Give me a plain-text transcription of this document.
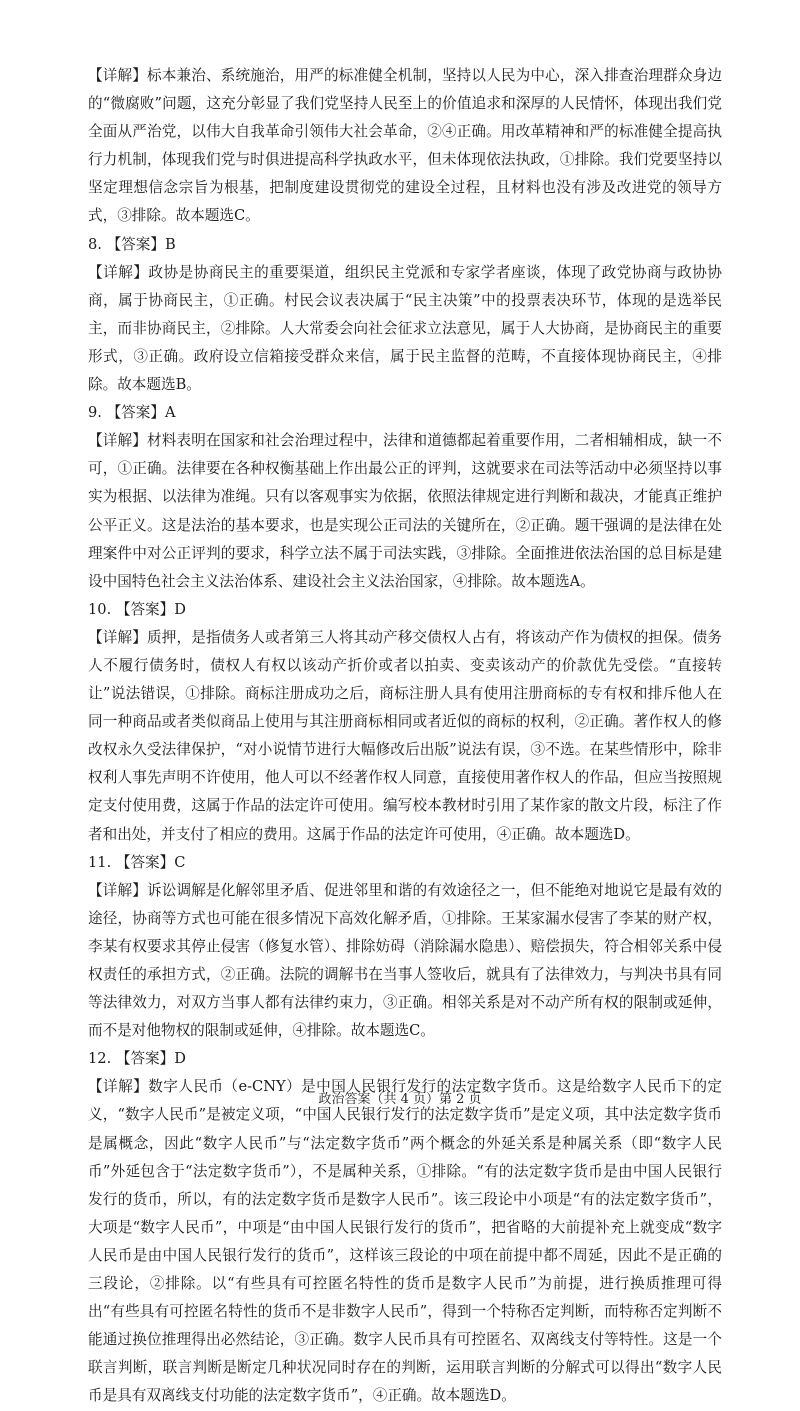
【详解】标本兼治、系统施治，用严的标准健全机制，坚持以人民为中心，深入排查治理群众身边的“微腐败”问题，这充分彰显了我们党坚持人民至上的价值追求和深厚的人民情怀，体现出我们党全面从严治党，以伟大自我革命引领伟大社会革命，②④正确。用改革精神和严的标准健全提高执行力机制，体现我们党与时俱进提高科学执政水平，但未体现依法执政，①排除。我们党要坚持以坚定理想信念宗旨为根基，把制度建设贯彻党的建设全过程，且材料也没有涉及改进党的领导方式，③排除。故本题选C。

8. 【答案】B

【详解】政协是协商民主的重要渠道，组织民主党派和专家学者座谈，体现了政党协商与政协协商，属于协商民主，①正确。村民会议表决属于“民主决策”中的投票表决环节，体现的是选举民主，而非协商民主，②排除。人大常委会向社会征求立法意见，属于人大协商，是协商民主的重要形式，③正确。政府设立信箱接受群众来信，属于民主监督的范畴，不直接体现协商民主，④排除。故本题选B。

9. 【答案】A

【详解】材料表明在国家和社会治理过程中，法律和道德都起着重要作用，二者相辅相成，缺一不可，①正确。法律要在各种权衡基础上作出最公正的评判，这就要求在司法等活动中必须坚持以事实为根据、以法律为准绳。只有以客观事实为依据，依照法律规定进行判断和裁决，才能真正维护公平正义。这是法治的基本要求，也是实现公正司法的关键所在，②正确。题干强调的是法律在处理案件中对公正评判的要求，科学立法不属于司法实践，③排除。全面推进依法治国的总目标是建设中国特色社会主义法治体系、建设社会主义法治国家，④排除。故本题选A。

10. 【答案】D

【详解】质押，是指债务人或者第三人将其动产移交债权人占有，将该动产作为债权的担保。债务人不履行债务时，债权人有权以该动产折价或者以拍卖、变卖该动产的价款优先受偿。“直接转让”说法错误，①排除。商标注册成功之后，商标注册人具有使用注册商标的专有权和排斥他人在同一种商品或者类似商品上使用与其注册商标相同或者近似的商标的权利，②正确。著作权人的修改权永久受法律保护，“对小说情节进行大幅修改后出版”说法有误，③不选。在某些情形中，除非权利人事先声明不许使用，他人可以不经著作权人同意，直接使用著作权人的作品，但应当按照规定支付使用费，这属于作品的法定许可使用。编写校本教材时引用了某作家的散文片段，标注了作者和出处，并支付了相应的费用。这属于作品的法定许可使用，④正确。故本题选D。

11. 【答案】C

【详解】诉讼调解是化解邻里矛盾、促进邻里和谐的有效途径之一，但不能绝对地说它是最有效的途径，协商等方式也可能在很多情况下高效化解矛盾，①排除。王某家漏水侵害了李某的财产权，李某有权要求其停止侵害（修复水管）、排除妨碍（消除漏水隐患）、赔偿损失，符合相邻关系中侵权责任的承担方式，②正确。法院的调解书在当事人签收后，就具有了法律效力，与判决书具有同等法律效力，对双方当事人都有法律约束力，③正确。相邻关系是对不动产所有权的限制或延伸，而不是对他物权的限制或延伸，④排除。故本题选C。

12. 【答案】D

【详解】数字人民币（e-CNY）是中国人民银行发行的法定数字货币。这是给数字人民币下的定义，“数字人民币”是被定义项，“中国人民银行发行的法定数字货币”是定义项，其中法定数字货币是属概念，因此“数字人民币”与“法定数字货币”两个概念的外延关系是种属关系（即“数字人民币”外延包含于“法定数字货币”），不是属种关系，①排除。“有的法定数字货币是由中国人民银行发行的货币，所以，有的法定数字货币是数字人民币”。该三段论中小项是“有的法定数字货币”，大项是“数字人民币”，中项是“由中国人民银行发行的货币”，把省略的大前提补充上就变成“数字人民币是由中国人民银行发行的货币”，这样该三段论的中项在前提中都不周延，因此不是正确的三段论，②排除。以“有些具有可控匿名特性的货币是数字人民币”为前提，进行换质推理可得出“有些具有可控匿名特性的货币不是非数字人民币”，得到一个特称否定判断，而特称否定判断不能通过换位推理得出必然结论，③正确。数字人民币具有可控匿名、双离线支付等特性。这是一个联言判断，联言判断是断定几种状况同时存在的判断，运用联言判断的分解式可以得出“数字人民币是具有双离线支付功能的法定数字货币”，④正确。故本题选D。

政治答案（共 4 页）第 2 页
